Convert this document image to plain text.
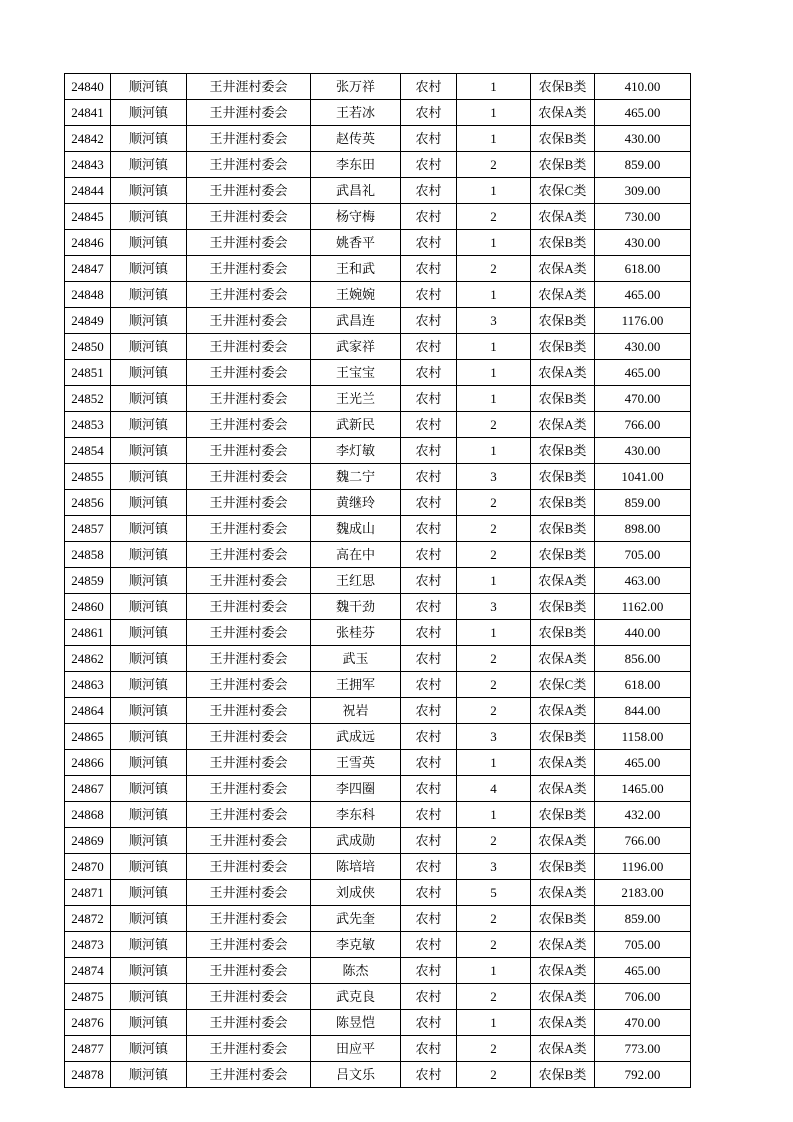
24840	顺河镇	王井涯村委会	张万祥	农村	1	农保B类	410.00
24841	顺河镇	王井涯村委会	王若冰	农村	1	农保A类	465.00
24842	顺河镇	王井涯村委会	赵传英	农村	1	农保B类	430.00
24843	顺河镇	王井涯村委会	李东田	农村	2	农保B类	859.00
24844	顺河镇	王井涯村委会	武昌礼	农村	1	农保C类	309.00
24845	顺河镇	王井涯村委会	杨守梅	农村	2	农保A类	730.00
24846	顺河镇	王井涯村委会	姚香平	农村	1	农保B类	430.00
24847	顺河镇	王井涯村委会	王和武	农村	2	农保A类	618.00
24848	顺河镇	王井涯村委会	王婉婉	农村	1	农保A类	465.00
24849	顺河镇	王井涯村委会	武昌连	农村	3	农保B类	1176.00
24850	顺河镇	王井涯村委会	武家祥	农村	1	农保B类	430.00
24851	顺河镇	王井涯村委会	王宝宝	农村	1	农保A类	465.00
24852	顺河镇	王井涯村委会	王光兰	农村	1	农保B类	470.00
24853	顺河镇	王井涯村委会	武新民	农村	2	农保A类	766.00
24854	顺河镇	王井涯村委会	李灯敏	农村	1	农保B类	430.00
24855	顺河镇	王井涯村委会	魏二宁	农村	3	农保B类	1041.00
24856	顺河镇	王井涯村委会	黄继玲	农村	2	农保B类	859.00
24857	顺河镇	王井涯村委会	魏成山	农村	2	农保B类	898.00
24858	顺河镇	王井涯村委会	高在中	农村	2	农保B类	705.00
24859	顺河镇	王井涯村委会	王红思	农村	1	农保A类	463.00
24860	顺河镇	王井涯村委会	魏干劲	农村	3	农保B类	1162.00
24861	顺河镇	王井涯村委会	张桂芬	农村	1	农保B类	440.00
24862	顺河镇	王井涯村委会	武玉	农村	2	农保A类	856.00
24863	顺河镇	王井涯村委会	王拥军	农村	2	农保C类	618.00
24864	顺河镇	王井涯村委会	祝岩	农村	2	农保A类	844.00
24865	顺河镇	王井涯村委会	武成远	农村	3	农保B类	1158.00
24866	顺河镇	王井涯村委会	王雪英	农村	1	农保A类	465.00
24867	顺河镇	王井涯村委会	李四圈	农村	4	农保A类	1465.00
24868	顺河镇	王井涯村委会	李东科	农村	1	农保B类	432.00
24869	顺河镇	王井涯村委会	武成勋	农村	2	农保A类	766.00
24870	顺河镇	王井涯村委会	陈培培	农村	3	农保B类	1196.00
24871	顺河镇	王井涯村委会	刘成侠	农村	5	农保A类	2183.00
24872	顺河镇	王井涯村委会	武先奎	农村	2	农保B类	859.00
24873	顺河镇	王井涯村委会	李克敏	农村	2	农保A类	705.00
24874	顺河镇	王井涯村委会	陈杰	农村	1	农保A类	465.00
24875	顺河镇	王井涯村委会	武克良	农村	2	农保A类	706.00
24876	顺河镇	王井涯村委会	陈昱恺	农村	1	农保A类	470.00
24877	顺河镇	王井涯村委会	田应平	农村	2	农保A类	773.00
24878	顺河镇	王井涯村委会	吕文乐	农村	2	农保B类	792.00
